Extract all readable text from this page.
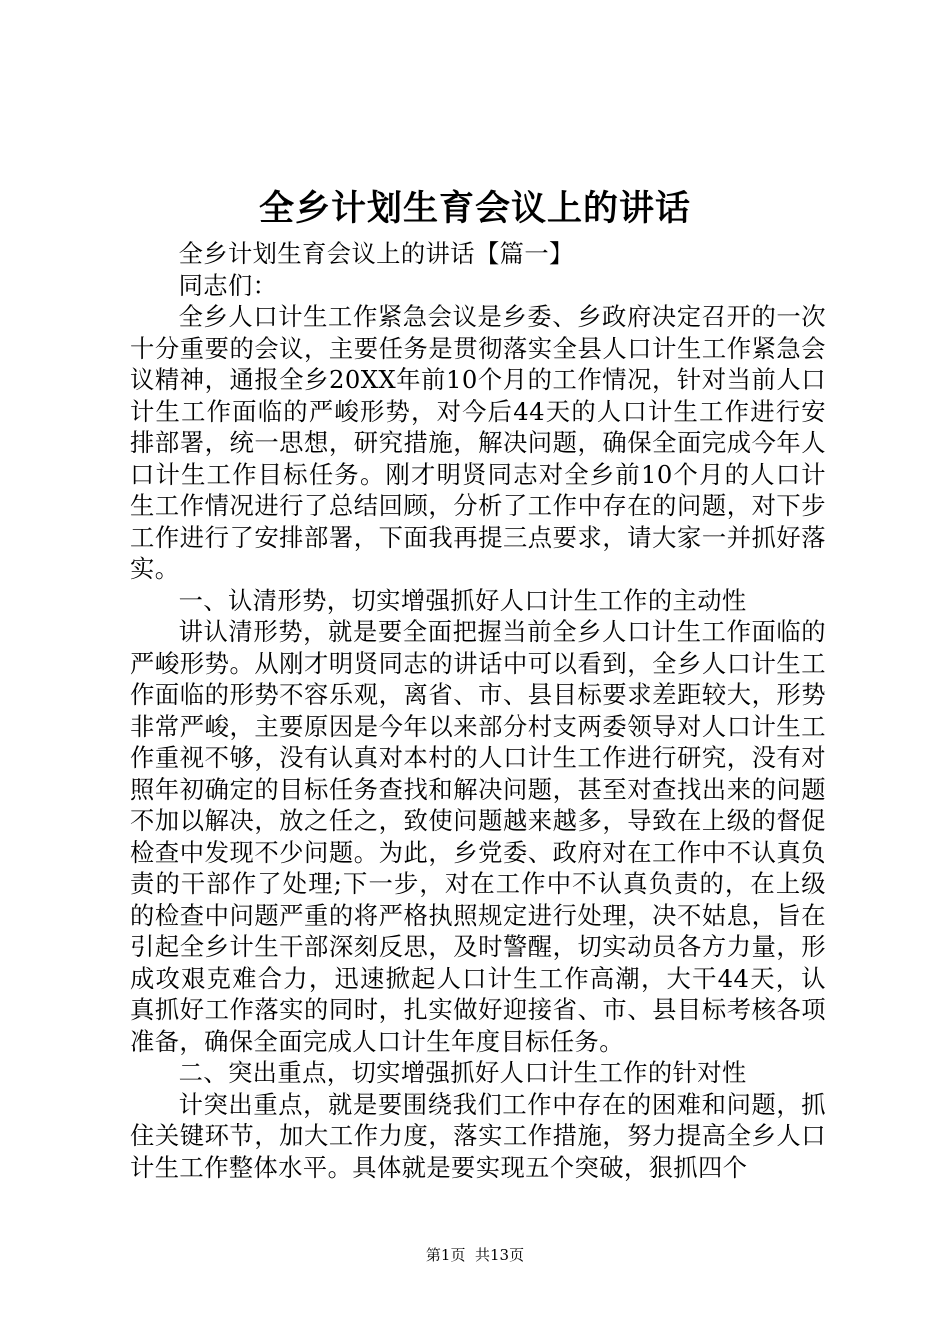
全乡计划生育会议上的讲话

全乡计划生育会议上的讲话【篇一】

同志们：

全乡人口计生工作紧急会议是乡委、乡政府决定召开的一次十分重要的会议，主要任务是贯彻落实全县人口计生工作紧急会议精神，通报全乡20XX年前10个月的工作情况，针对当前人口计生工作面临的严峻形势，对今后44天的人口计生工作进行安排部署，统一思想，研究措施，解决问题，确保全面完成今年人口计生工作目标任务。刚才明贤同志对全乡前10个月的人口计生工作情况进行了总结回顾，分析了工作中存在的问题，对下步工作进行了安排部署，下面我再提三点要求，请大家一并抓好落实。

一、认清形势，切实增强抓好人口计生工作的主动性

讲认清形势，就是要全面把握当前全乡人口计生工作面临的严峻形势。从刚才明贤同志的讲话中可以看到，全乡人口计生工作面临的形势不容乐观，离省、市、县目标要求差距较大，形势非常严峻，主要原因是今年以来部分村支两委领导对人口计生工作重视不够，没有认真对本村的人口计生工作进行研究，没有对照年初确定的目标任务查找和解决问题，甚至对查找出来的问题不加以解决，放之任之，致使问题越来越多，导致在上级的督促检查中发现不少问题。为此，乡党委、政府对在工作中不认真负责的干部作了处理;下一步，对在工作中不认真负责的，在上级的检查中问题严重的将严格执照规定进行处理，决不姑息，旨在引起全乡计生干部深刻反思，及时警醒，切实动员各方力量，形成攻艰克难合力，迅速掀起人口计生工作高潮，大干44天，认真抓好工作落实的同时，扎实做好迎接省、市、县目标考核各项准备，确保全面完成人口计生年度目标任务。

二、突出重点，切实增强抓好人口计生工作的针对性

计突出重点，就是要围绕我们工作中存在的困难和问题，抓住关键环节，加大工作力度，落实工作措施，努力提高全乡人口计生工作整体水平。具体就是要实现五个突破，狠抓四个

第1页  共13页
